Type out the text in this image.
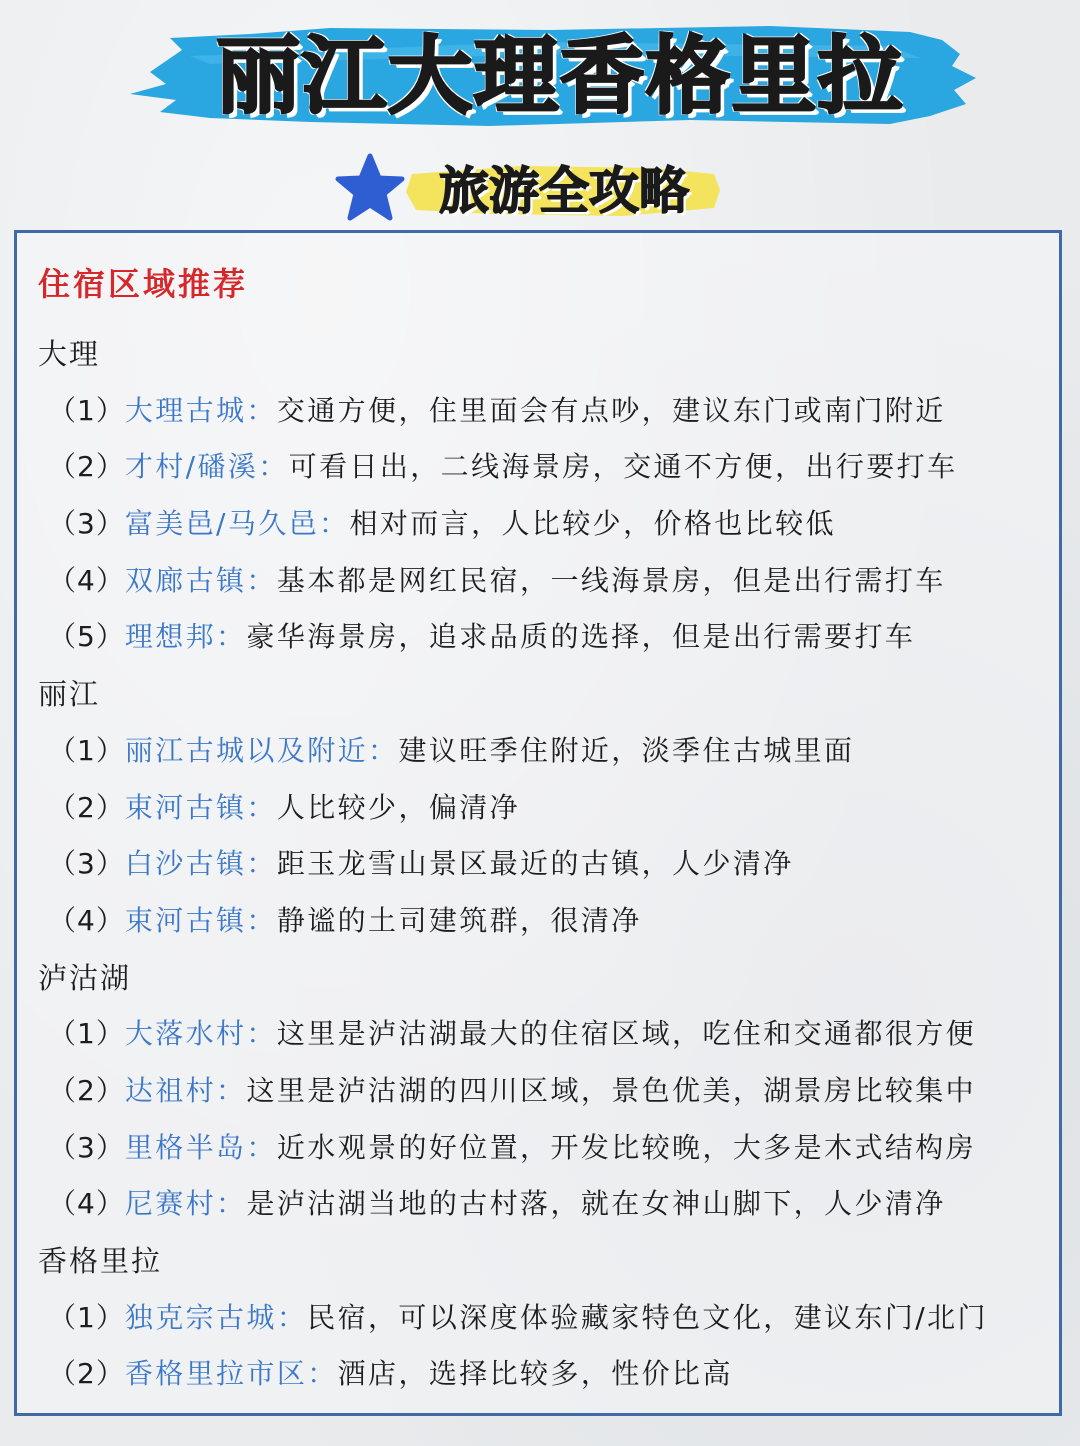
丽江大理香格里拉
旅游全攻略
住宿区域推荐
大理
（1）大理古城：交通方便，住里面会有点吵，建议东门或南门附近
（2）才村/磻溪：可看日出，二线海景房，交通不方便，出行要打车
（3）富美邑/马久邑：相对而言，人比较少，价格也比较低
（4）双廊古镇：基本都是网红民宿，一线海景房，但是出行需打车
（5）理想邦：豪华海景房，追求品质的选择，但是出行需要打车
丽江
（1）丽江古城以及附近：建议旺季住附近，淡季住古城里面
（2）束河古镇：人比较少，偏清净
（3）白沙古镇：距玉龙雪山景区最近的古镇，人少清净
（4）束河古镇：静谧的土司建筑群，很清净
泸沽湖
（1）大落水村：这里是泸沽湖最大的住宿区域，吃住和交通都很方便
（2）达祖村：这里是泸沽湖的四川区域，景色优美，湖景房比较集中
（3）里格半岛：近水观景的好位置，开发比较晚，大多是木式结构房
（4）尼赛村：是泸沽湖当地的古村落，就在女神山脚下，人少清净
香格里拉
（1）独克宗古城：民宿，可以深度体验藏家特色文化，建议东门/北门
（2）香格里拉市区：酒店，选择比较多，性价比高
